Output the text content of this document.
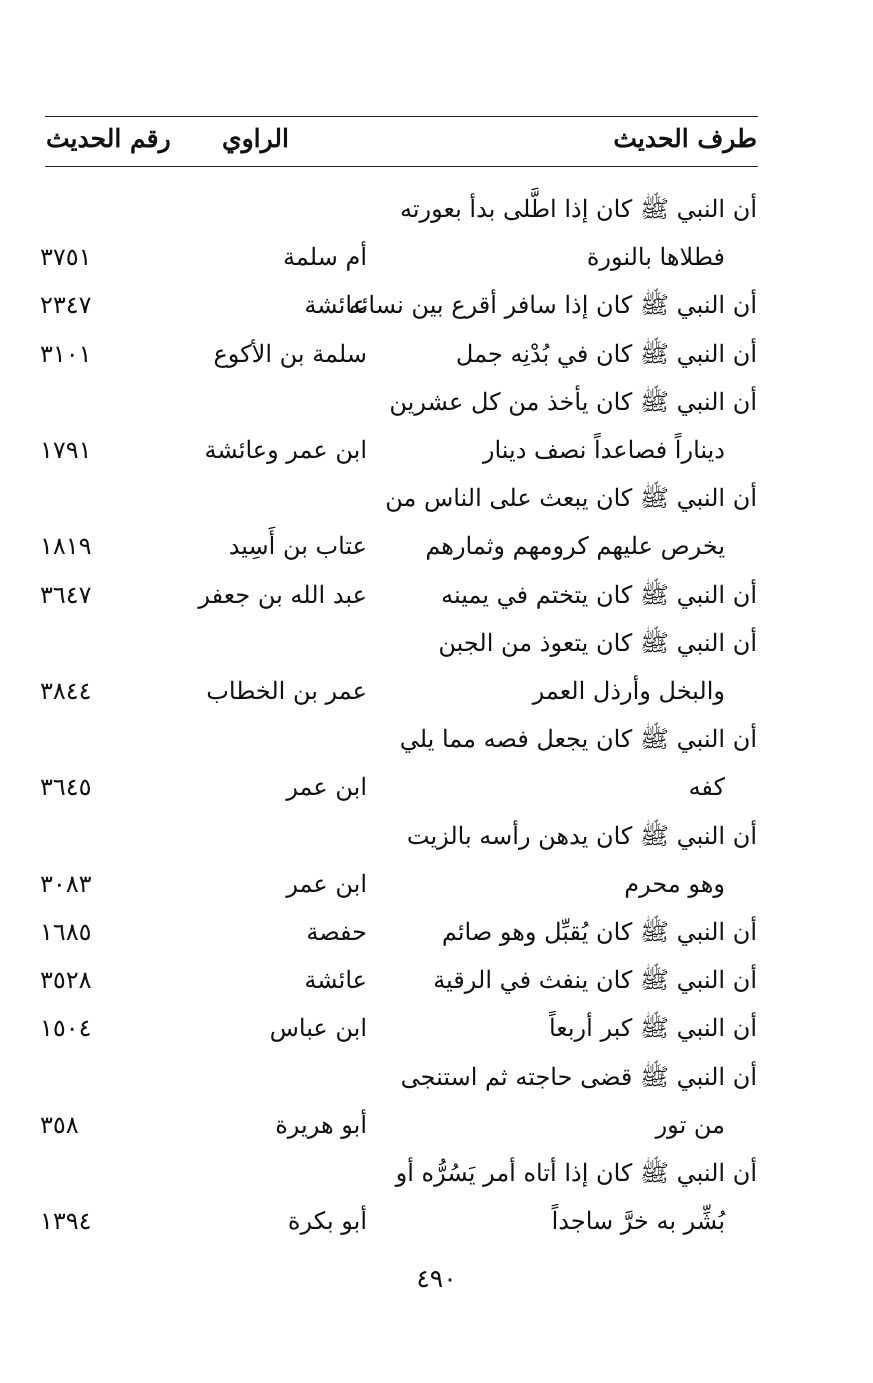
طرف الحديث
الراوي
رقم الحديث
أن النبي ﷺ كان إذا اطَّلى بدأ بعورته
فطلاها بالنورة
أم سلمة
٣٧٥١
أن النبي ﷺ كان إذا سافر أقرع بين نسائه
عائشة
٢٣٤٧
أن النبي ﷺ كان في بُدْنِه جمل
سلمة بن الأكوع
٣١٠١
أن النبي ﷺ كان يأخذ من كل عشرين
ديناراً فصاعداً نصف دينار
ابن عمر وعائشة
١٧٩١
أن النبي ﷺ كان يبعث على الناس من
يخرص عليهم كرومهم وثمارهم
عتاب بن أَسِيد
١٨١٩
أن النبي ﷺ كان يتختم في يمينه
عبد الله بن جعفر
٣٦٤٧
أن النبي ﷺ كان يتعوذ من الجبن
والبخل وأرذل العمر
عمر بن الخطاب
٣٨٤٤
أن النبي ﷺ كان يجعل فصه مما يلي
كفه
ابن عمر
٣٦٤٥
أن النبي ﷺ كان يدهن رأسه بالزيت
وهو محرم
ابن عمر
٣٠٨٣
أن النبي ﷺ كان يُقبِّل وهو صائم
حفصة
١٦٨٥
أن النبي ﷺ كان ينفث في الرقية
عائشة
٣٥٢٨
أن النبي ﷺ كبر أربعاً
ابن عباس
١٥٠٤
أن النبي ﷺ قضى حاجته ثم استنجى
من تور
أبو هريرة
٣٥٨
أن النبي ﷺ كان إذا أتاه أمر يَسُرُّه أو
بُشِّر به خرَّ ساجداً
أبو بكرة
١٣٩٤
٤٩٠
